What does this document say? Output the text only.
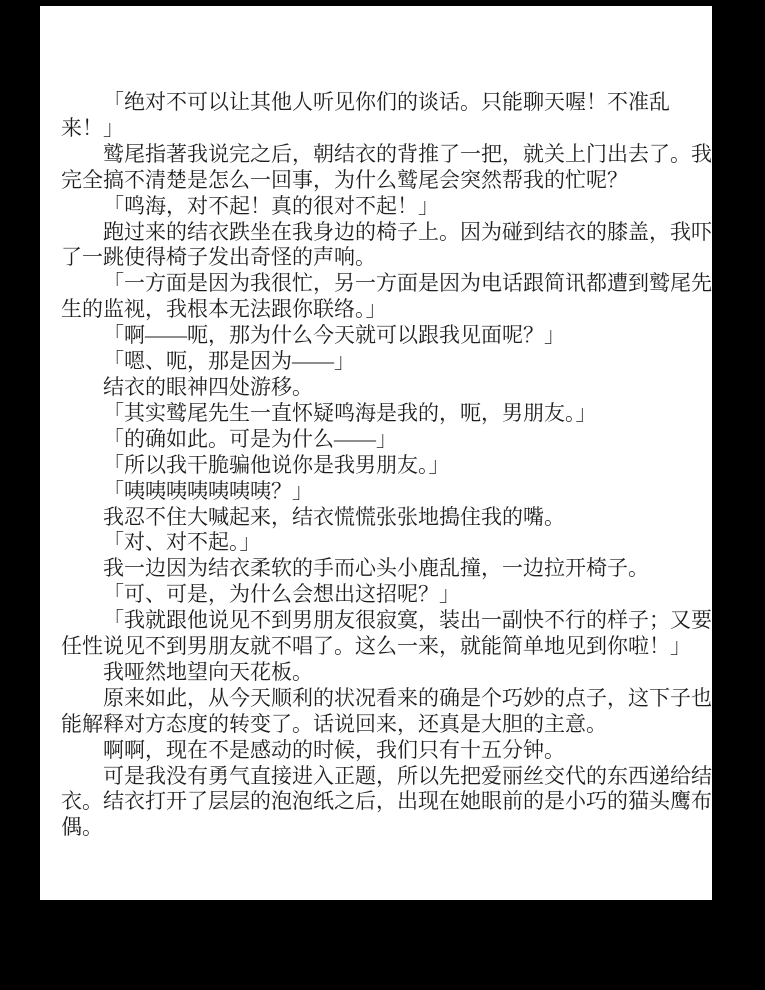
「绝对不可以让其他人听见你们的谈话。只能聊天喔！不准乱

来！」

鹫尾指著我说完之后，朝结衣的背推了一把，就关上门出去了。我

完全搞不清楚是怎么一回事，为什么鹫尾会突然帮我的忙呢？

「鸣海，对不起！真的很对不起！」

跑过来的结衣跌坐在我身边的椅子上。因为碰到结衣的膝盖，我吓

了一跳使得椅子发出奇怪的声响。

「一方面是因为我很忙，另一方面是因为电话跟简讯都遭到鹫尾先

生的监视，我根本无法跟你联络。」

「啊――呃，那为什么今天就可以跟我见面呢？」

「嗯、呃，那是因为――」

结衣的眼神四处游移。

「其实鹫尾先生一直怀疑鸣海是我的，呃，男朋友。」

「的确如此。可是为什么――」

「所以我干脆骗他说你是我男朋友。」

「咦咦咦咦咦咦咦？」

我忍不住大喊起来，结衣慌慌张张地搗住我的嘴。

「对、对不起。」

我一边因为结衣柔软的手而心头小鹿乱撞，一边拉开椅子。

「可、可是，为什么会想出这招呢？」

「我就跟他说见不到男朋友很寂寞，装出一副快不行的样子；又要

任性说见不到男朋友就不唱了。这么一来，就能简单地见到你啦！」

我哑然地望向天花板。

原来如此，从今天顺利的状况看来的确是个巧妙的点子，这下子也

能解释对方态度的转变了。话说回来，还真是大胆的主意。

啊啊，现在不是感动的时候，我们只有十五分钟。

可是我没有勇气直接进入正题，所以先把爱丽丝交代的东西递给结

衣。结衣打开了层层的泡泡纸之后，出现在她眼前的是小巧的猫头鹰布

偶。
